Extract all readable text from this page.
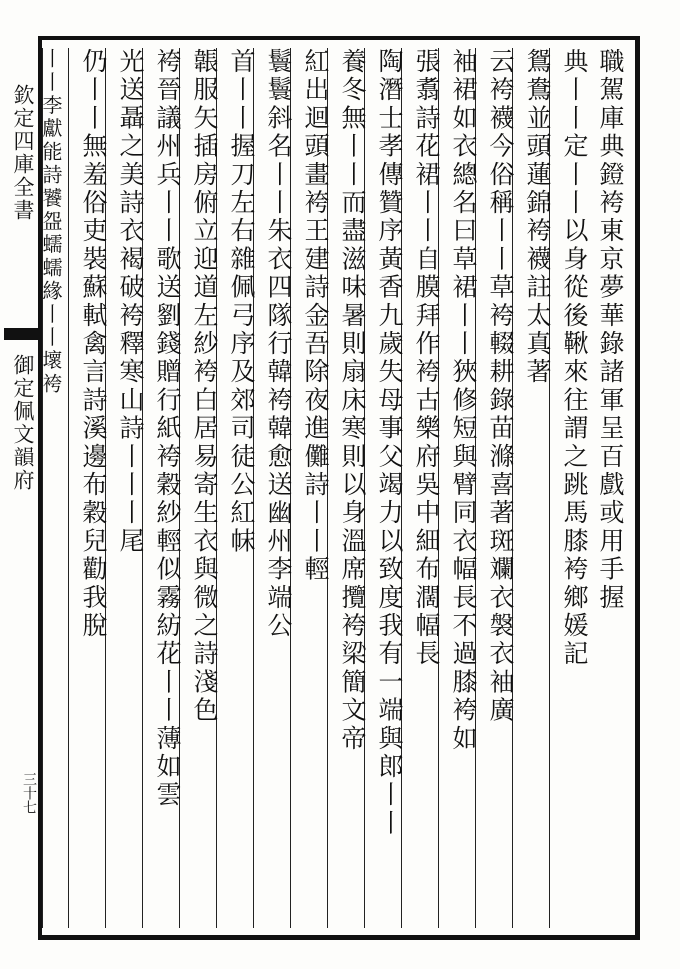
欽定四庫全書
御定佩文韻府
三十七
職駕庫典鐙袴東京夢華錄諸軍呈百戲或用手握
典丨丨定丨丨以身從後鞦來往謂之跳馬膝袴鄉媛記
鴛鴦並頭蓮錦袴襪註太真著
云袴襪今俗稱丨丨草袴輟耕錄苗滌喜著斑斕衣褩衣袖廣
袖裙如衣總名曰草裙丨丨狹修短與臂同衣幅長不過膝袴如
張翥詩花裙丨丨自膜拜作袴古樂府吳中細布濶幅長
陶潛士孝傳贊序黃香九歲失母事父竭力以致度我有一端與郎丨丨
養冬無丨丨而盡滋味暑則扇床寒則以身溫席攬袴梁簡文帝
紅出迴頭畫袴王建詩金吾除夜進儺詩丨丨輕
鬟鬟斜名丨丨朱衣四隊行韓袴韓愈送幽州李端公
首丨丨握刀左右雜佩弓序及郊司徒公紅帓
韔服矢插房俯立迎道左紗袴白居易寄生衣與微之詩淺色
袴晉議州兵丨丨歌送劉錢贈行紙袴穀紗輕似霧紡花丨丨薄如雲
光送聶之美詩衣褐破袴釋寒山詩丨丨丨尾
仍丨丨無羞俗吏裝蘇軾禽言詩溪邊布穀兒勸我脫
丨丨李獻能詩饕盌蠕蠕緣丨丨壞袴
